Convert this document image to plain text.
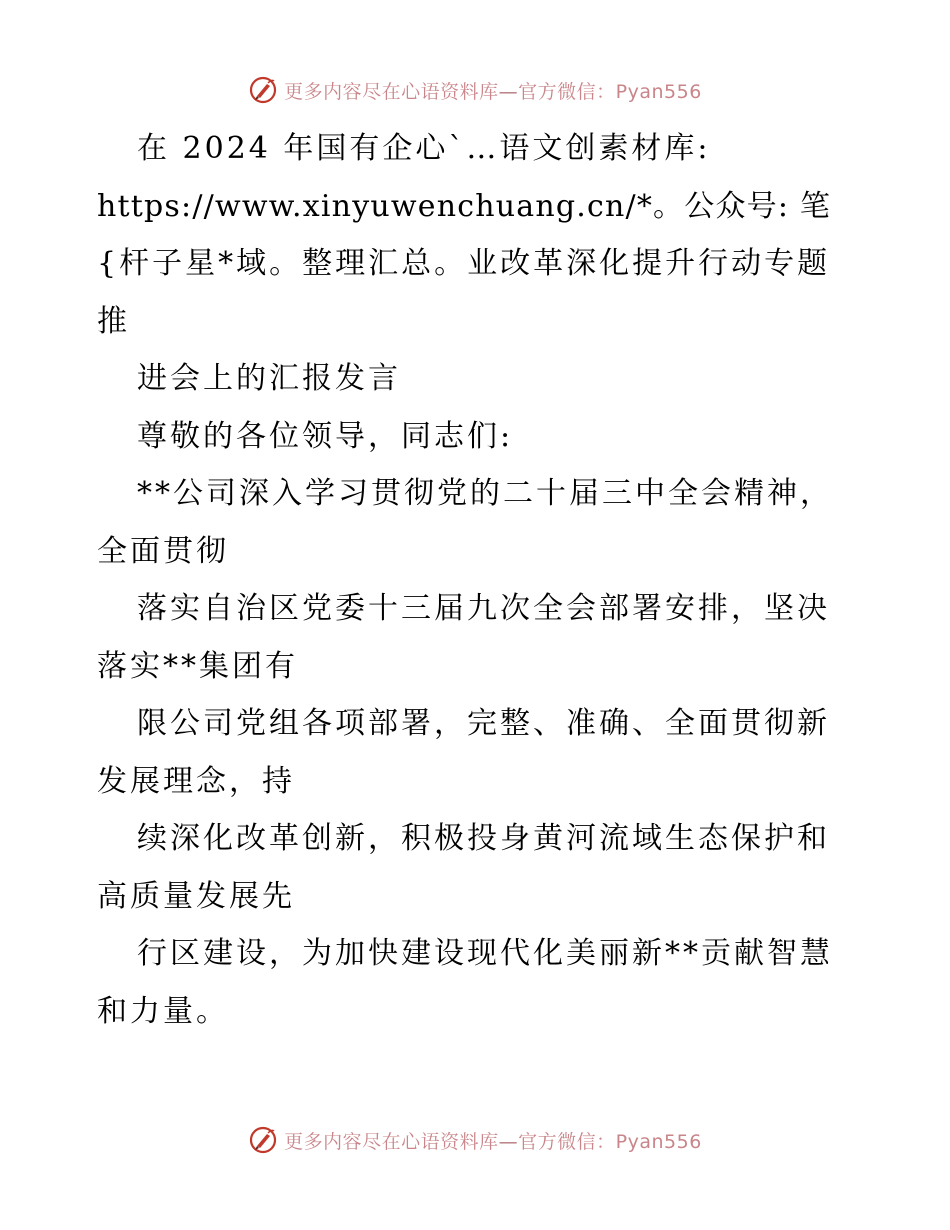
更多内容尽在心语资料库—官方微信：Pyan556
在 2024 年国有企心`…语文创素材库:
https://www.xinyuwenchuang.cn/*。公众号: 笔
{杆子星*域。整理汇总。业改革深化提升行动专题
推
进会上的汇报发言
尊敬的各位领导，同志们:
**公司深入学习贯彻党的二十届三中全会精神，
全面贯彻
落实自治区党委十三届九次全会部署安排，坚决
落实**集团有
限公司党组各项部署，完整、准确、全面贯彻新
发展理念，持
续深化改革创新，积极投身黄河流域生态保护和
高质量发展先
行区建设，为加快建设现代化美丽新**贡献智慧
和力量。
更多内容尽在心语资料库—官方微信：Pyan556
